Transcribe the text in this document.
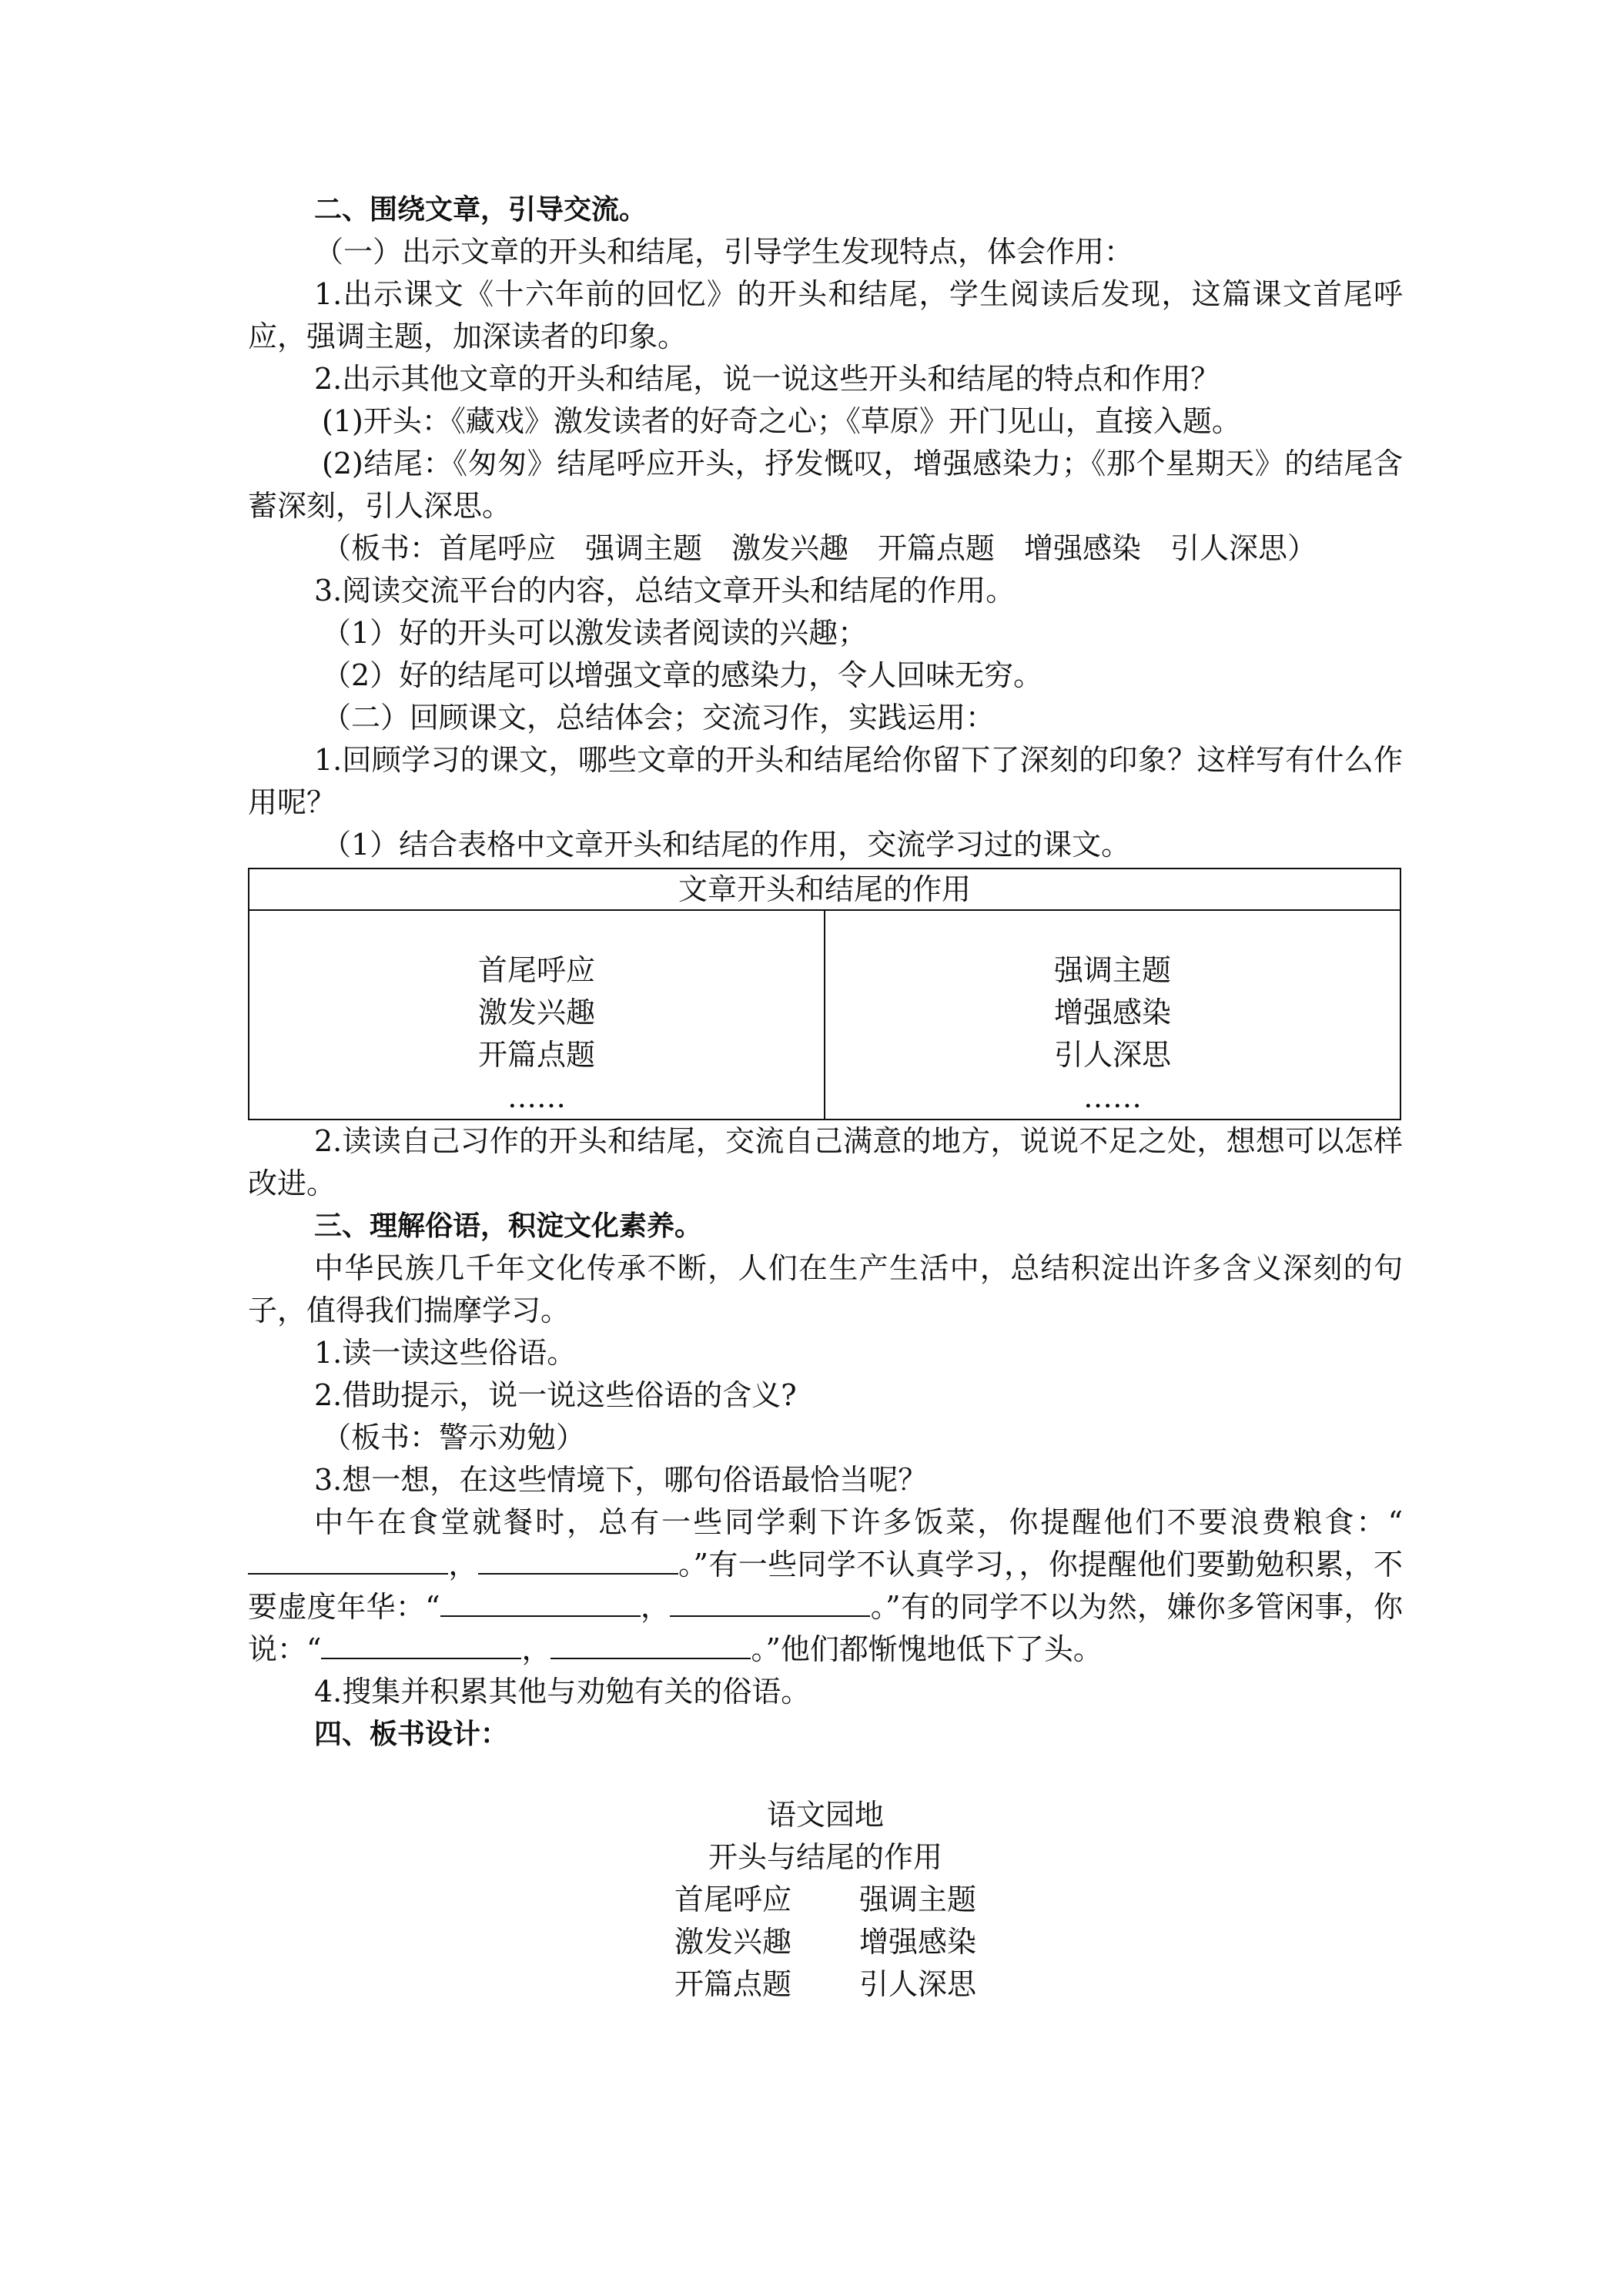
二、围绕文章，引导交流。

（一）出示文章的开头和结尾，引导学生发现特点，体会作用：

1.出示课文《十六年前的回忆》的开头和结尾，学生阅读后发现，这篇课文首尾呼应，强调主题，加深读者的印象。

2.出示其他文章的开头和结尾，说一说这些开头和结尾的特点和作用？

(1)开头：《藏戏》激发读者的好奇之心；《草原》开门见山，直接入题。

(2)结尾：《匆匆》结尾呼应开头，抒发慨叹，增强感染力；《那个星期天》的结尾含蓄深刻，引人深思。

（板书：首尾呼应　强调主题　激发兴趣　开篇点题　增强感染　引人深思）

3.阅读交流平台的内容，总结文章开头和结尾的作用。

（1）好的开头可以激发读者阅读的兴趣；

（2）好的结尾可以增强文章的感染力，令人回味无穷。

（二）回顾课文，总结体会；交流习作，实践运用：

1.回顾学习的课文，哪些文章的开头和结尾给你留下了深刻的印象？这样写有什么作用呢？

（1）结合表格中文章开头和结尾的作用，交流学习过的课文。

文章开头和结尾的作用

首尾呼应
激发兴趣
开篇点题
……

强调主题
增强感染
引人深思
……

2.读读自己习作的开头和结尾，交流自己满意的地方，说说不足之处，想想可以怎样改进。

三、理解俗语，积淀文化素养。

中华民族几千年文化传承不断，人们在生产生活中，总结积淀出许多含义深刻的句子，值得我们揣摩学习。

1.读一读这些俗语。

2.借助提示，说一说这些俗语的含义?

（板书：警示劝勉）

3.想一想，在这些情境下，哪句俗语最恰当呢？

中午在食堂就餐时，总有一些同学剩下许多饭菜，你提醒他们不要浪费粮食：“，	。”有一些同学不认真学习，，你提醒他们要勤勉积累，不要虚度年华：“	，	。”有的同学不以为然，嫌你多管闲事，你说：“	，	。”他们都惭愧地低下了头。

4.搜集并积累其他与劝勉有关的俗语。

四、板书设计：

语文园地
开头与结尾的作用
首尾呼应 强调主题
激发兴趣 增强感染
开篇点题 引人深思
